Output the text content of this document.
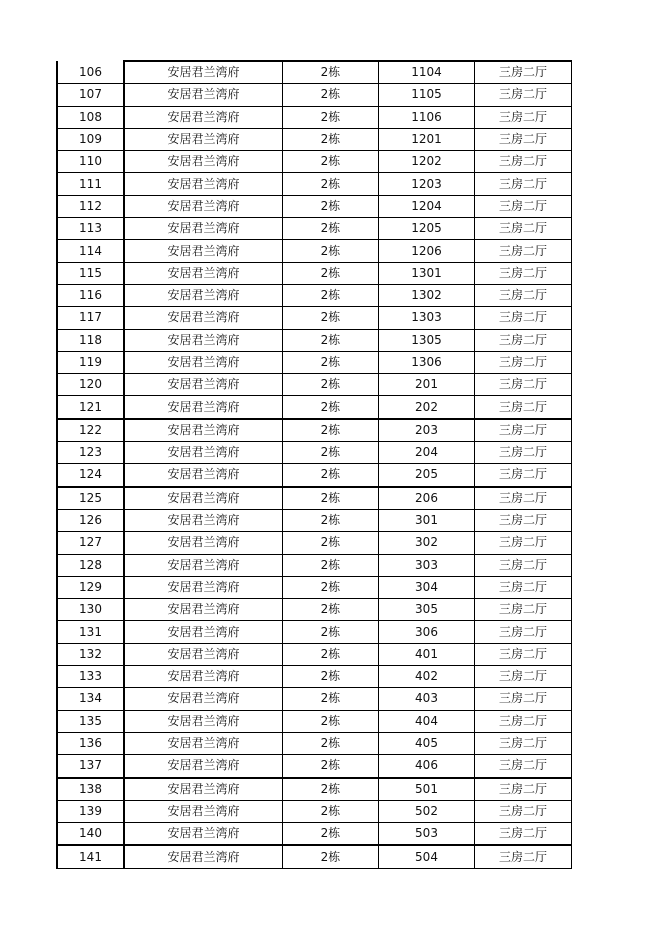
106	安居君兰湾府	2栋	1104	三房二厅
107	安居君兰湾府	2栋	1105	三房二厅
108	安居君兰湾府	2栋	1106	三房二厅
109	安居君兰湾府	2栋	1201	三房二厅
110	安居君兰湾府	2栋	1202	三房二厅
111	安居君兰湾府	2栋	1203	三房二厅
112	安居君兰湾府	2栋	1204	三房二厅
113	安居君兰湾府	2栋	1205	三房二厅
114	安居君兰湾府	2栋	1206	三房二厅
115	安居君兰湾府	2栋	1301	三房二厅
116	安居君兰湾府	2栋	1302	三房二厅
117	安居君兰湾府	2栋	1303	三房二厅
118	安居君兰湾府	2栋	1305	三房二厅
119	安居君兰湾府	2栋	1306	三房二厅
120	安居君兰湾府	2栋	201	三房二厅
121	安居君兰湾府	2栋	202	三房二厅
122	安居君兰湾府	2栋	203	三房二厅
123	安居君兰湾府	2栋	204	三房二厅
124	安居君兰湾府	2栋	205	三房二厅
125	安居君兰湾府	2栋	206	三房二厅
126	安居君兰湾府	2栋	301	三房二厅
127	安居君兰湾府	2栋	302	三房二厅
128	安居君兰湾府	2栋	303	三房二厅
129	安居君兰湾府	2栋	304	三房二厅
130	安居君兰湾府	2栋	305	三房二厅
131	安居君兰湾府	2栋	306	三房二厅
132	安居君兰湾府	2栋	401	三房二厅
133	安居君兰湾府	2栋	402	三房二厅
134	安居君兰湾府	2栋	403	三房二厅
135	安居君兰湾府	2栋	404	三房二厅
136	安居君兰湾府	2栋	405	三房二厅
137	安居君兰湾府	2栋	406	三房二厅
138	安居君兰湾府	2栋	501	三房二厅
139	安居君兰湾府	2栋	502	三房二厅
140	安居君兰湾府	2栋	503	三房二厅
141	安居君兰湾府	2栋	504	三房二厅
